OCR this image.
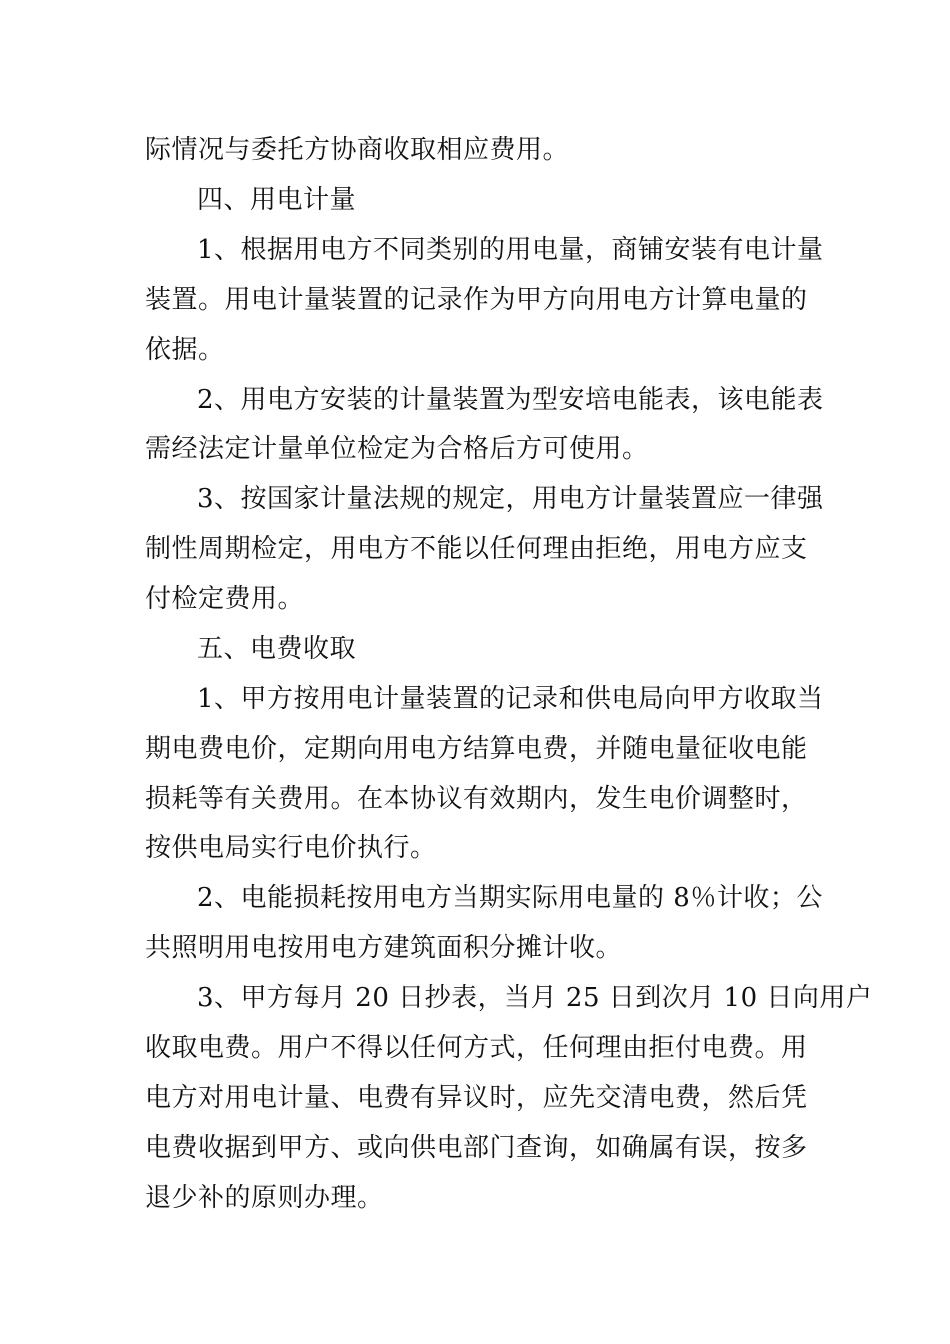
际情况与委托方协商收取相应费用。
四、用电计量
1、根据用电方不同类别的用电量，商铺安装有电计量
装置。用电计量装置的记录作为甲方向用电方计算电量的
依据。
2、用电方安装的计量装置为型安培电能表，该电能表
需经法定计量单位检定为合格后方可使用。
3、按国家计量法规的规定，用电方计量装置应一律强
制性周期检定，用电方不能以任何理由拒绝，用电方应支
付检定费用。
五、电费收取
1、甲方按用电计量装置的记录和供电局向甲方收取当
期电费电价，定期向用电方结算电费，并随电量征收电能
损耗等有关费用。在本协议有效期内，发生电价调整时，
按供电局实行电价执行。
2、电能损耗按用电方当期实际用电量的 8％计收；公
共照明用电按用电方建筑面积分摊计收。
3、甲方每月 20 日抄表，当月 25 日到次月 10 日向用户
收取电费。用户不得以任何方式，任何理由拒付电费。用
电方对用电计量、电费有异议时，应先交清电费，然后凭
电费收据到甲方、或向供电部门查询，如确属有误，按多
退少补的原则办理。
